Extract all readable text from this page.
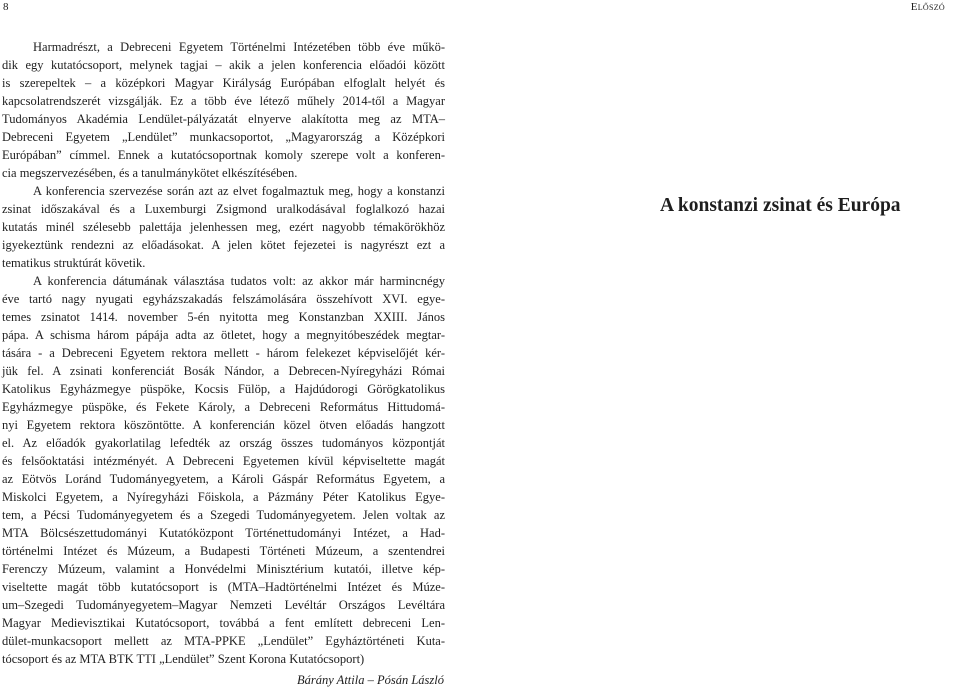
8	Előszó
Harmadrészt, a Debreceni Egyetem Történelmi Intézetében több éve műkö-
dik egy kutatócsoport, melynek tagjai – akik a jelen konferencia előadói között
is szerepeltek – a középkori Magyar Királyság Európában elfoglalt helyét és
kapcsolatrendszerét vizsgálják. Ez a több éve létező műhely 2014-től a Magyar
Tudományos Akadémia Lendület-pályázatát elnyerve alakította meg az MTA–
Debreceni Egyetem „Lendület” munkacsoportot, „Magyarország a Középkori
Európában” címmel. Ennek a kutatócsoportnak komoly szerepe volt a konferen-
cia megszervezésében, és a tanulmánykötet elkészítésében.
A konferencia szervezése során azt az elvet fogalmaztuk meg, hogy a konstanzi
zsinat időszakával és a Luxemburgi Zsigmond uralkodásával foglalkozó hazai
kutatás minél szélesebb palettája jelenhessen meg, ezért nagyobb témakörökhöz
igyekeztünk rendezni az előadásokat. A jelen kötet fejezetei is nagyrészt ezt a
tematikus struktúrát követik.
A konferencia dátumának választása tudatos volt: az akkor már harmincnégy
éve tartó nagy nyugati egyházszakadás felszámolására összehívott XVI. egye-
temes zsinatot 1414. november 5-én nyitotta meg Konstanzban XXIII. János
pápa. A schisma három pápája adta az ötletet, hogy a megnyitóbeszédek megtar-
tására - a Debreceni Egyetem rektora mellett - három felekezet képviselőjét kér-
jük fel. A zsinati konferenciát Bosák Nándor, a Debrecen-Nyíregyházi Római
Katolikus Egyházmegye püspöke, Kocsis Fülöp, a Hajdúdorogi Görögkatolikus
Egyházmegye püspöke, és Fekete Károly, a Debreceni Református Hittudomá-
nyi Egyetem rektora köszöntötte. A konferencián közel ötven előadás hangzott
el. Az előadók gyakorlatilag lefedték az ország összes tudományos központját
és felsőoktatási intézményét. A Debreceni Egyetemen kívül képviseltette magát
az Eötvös Loránd Tudományegyetem, a Károli Gáspár Református Egyetem, a
Miskolci Egyetem, a Nyíregyházi Főiskola, a Pázmány Péter Katolikus Egye-
tem, a Pécsi Tudományegyetem és a Szegedi Tudományegyetem. Jelen voltak az
MTA Bölcsészettudományi Kutatóközpont Történettudományi Intézet, a Had-
történelmi Intézet és Múzeum, a Budapesti Történeti Múzeum, a szentendrei
Ferenczy Múzeum, valamint a Honvédelmi Minisztérium kutatói, illetve kép-
viseltette magát több kutatócsoport is (MTA–Hadtörténelmi Intézet és Múze-
um–Szegedi Tudományegyetem–Magyar Nemzeti Levéltár Országos Levéltára
Magyar Medievisztikai Kutatócsoport, továbbá a fent említett debreceni Len-
dület-munkacsoport mellett az MTA-PPKE „Lendület” Egyháztörténeti Kuta-
tócsoport és az MTA BTK TTI „Lendület” Szent Korona Kutatócsoport)
Bárány Attila – Pósán László
A konstanzi zsinat és Európa
